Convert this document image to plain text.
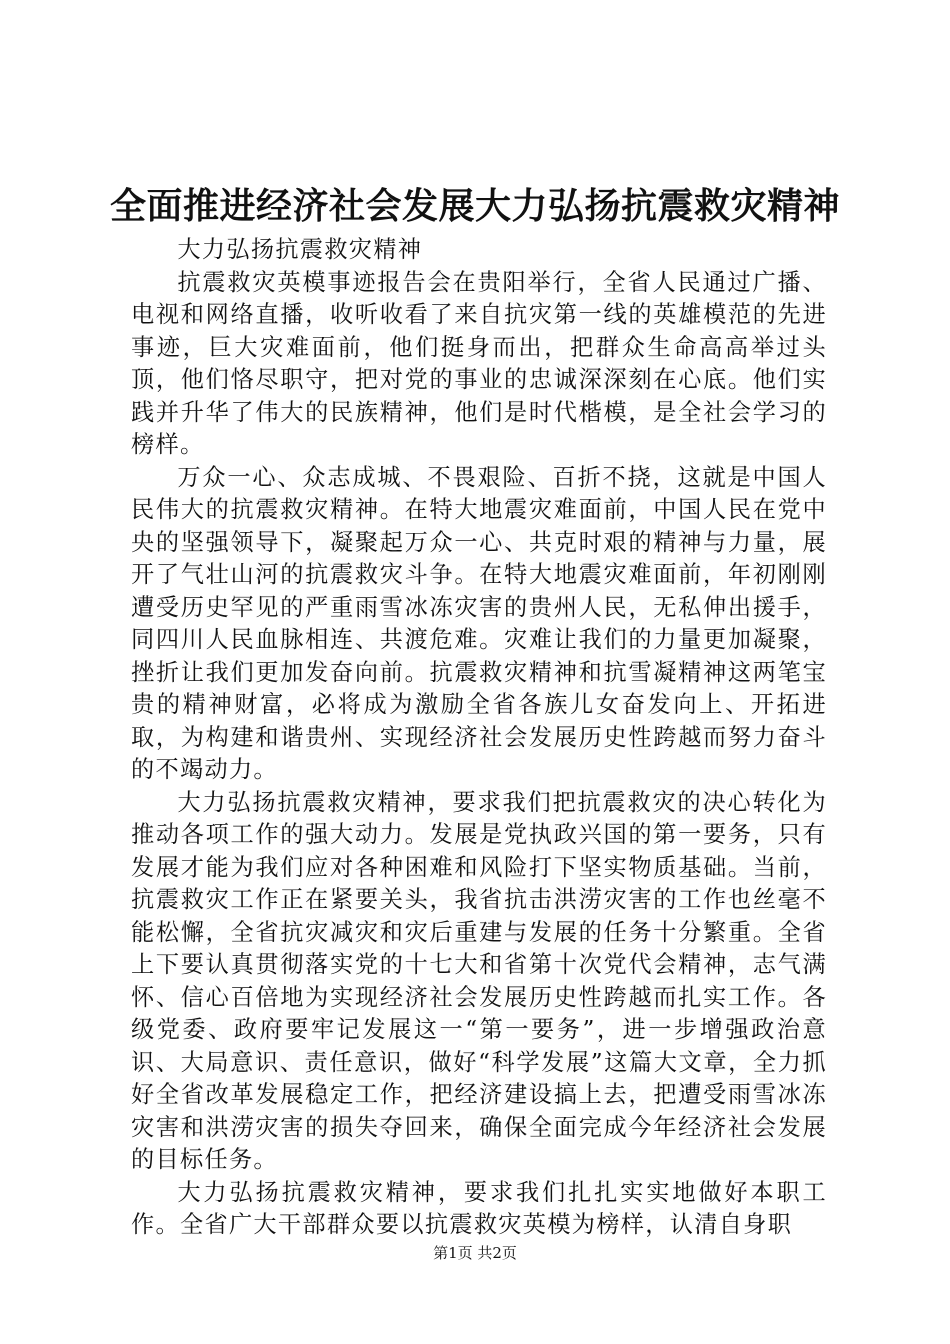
全面推进经济社会发展大力弘扬抗震救灾精神

大力弘扬抗震救灾精神

抗震救灾英模事迹报告会在贵阳举行，全省人民通过广播、电视和网络直播，收听收看了来自抗灾第一线的英雄模范的先进事迹，巨大灾难面前，他们挺身而出，把群众生命高高举过头顶，他们恪尽职守，把对党的事业的忠诚深深刻在心底。他们实践并升华了伟大的民族精神，他们是时代楷模，是全社会学习的榜样。

万众一心、众志成城、不畏艰险、百折不挠，这就是中国人民伟大的抗震救灾精神。在特大地震灾难面前，中国人民在党中央的坚强领导下，凝聚起万众一心、共克时艰的精神与力量，展开了气壮山河的抗震救灾斗争。在特大地震灾难面前，年初刚刚遭受历史罕见的严重雨雪冰冻灾害的贵州人民，无私伸出援手，同四川人民血脉相连、共渡危难。灾难让我们的力量更加凝聚，挫折让我们更加发奋向前。抗震救灾精神和抗雪凝精神这两笔宝贵的精神财富，必将成为激励全省各族儿女奋发向上、开拓进取，为构建和谐贵州、实现经济社会发展历史性跨越而努力奋斗的不竭动力。

大力弘扬抗震救灾精神，要求我们把抗震救灾的决心转化为推动各项工作的强大动力。发展是党执政兴国的第一要务，只有发展才能为我们应对各种困难和风险打下坚实物质基础。当前，抗震救灾工作正在紧要关头，我省抗击洪涝灾害的工作也丝毫不能松懈，全省抗灾减灾和灾后重建与发展的任务十分繁重。全省上下要认真贯彻落实党的十七大和省第十次党代会精神，志气满怀、信心百倍地为实现经济社会发展历史性跨越而扎实工作。各级党委、政府要牢记发展这一“第一要务”，进一步增强政治意识、大局意识、责任意识，做好“科学发展”这篇大文章，全力抓好全省改革发展稳定工作，把经济建设搞上去，把遭受雨雪冰冻灾害和洪涝灾害的损失夺回来，确保全面完成今年经济社会发展的目标任务。

大力弘扬抗震救灾精神，要求我们扎扎实实地做好本职工作。全省广大干部群众要以抗震救灾英模为榜样，认清自身职

第1页 共2页
